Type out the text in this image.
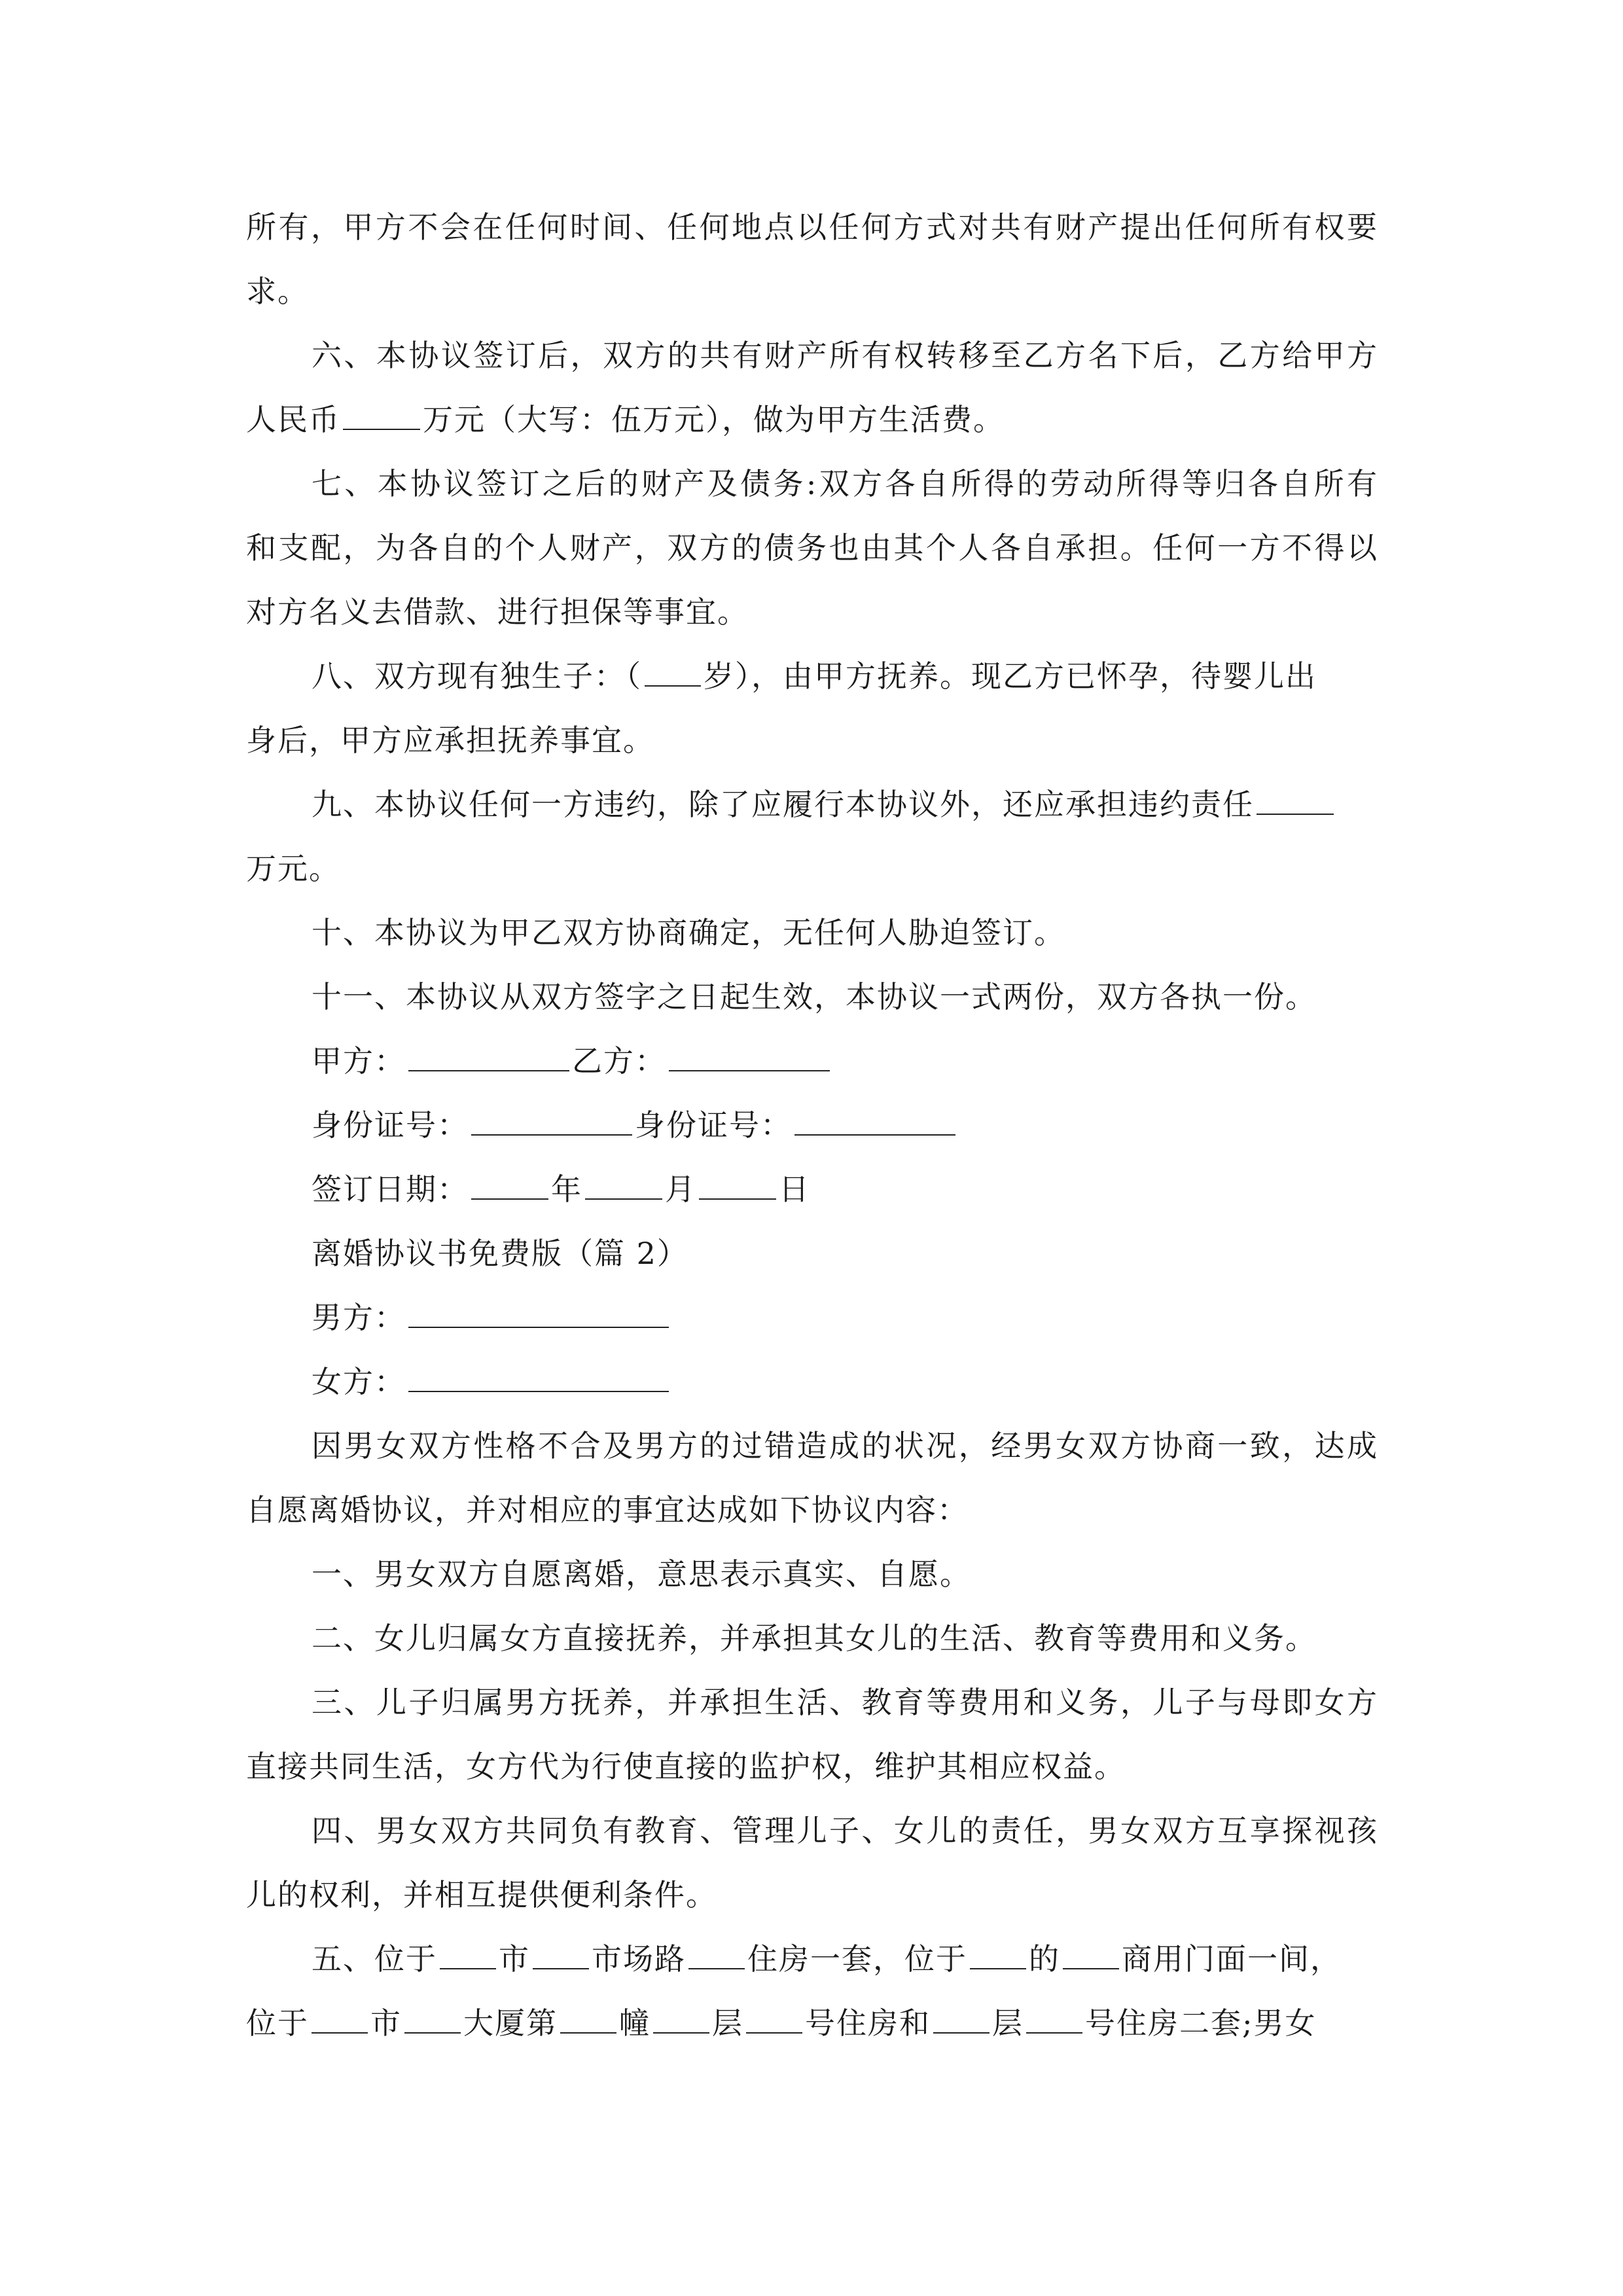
所有，甲方不会在任何时间、任何地点以任何方式对共有财产提出任何所有权要
求。
六、本协议签订后，双方的共有财产所有权转移至乙方名下后，乙方给甲方
人民币	万元（大写：伍万元），做为甲方生活费。
七、本协议签订之后的财产及债务:双方各自所得的劳动所得等归各自所有
和支配，为各自的个人财产，双方的债务也由其个人各自承担。任何一方不得以
对方名义去借款、进行担保等事宜。
八、双方现有独生子：（ 岁），由甲方抚养。现乙方已怀孕，待婴儿出
身后，甲方应承担抚养事宜。
九、本协议任何一方违约，除了应履行本协议外，还应承担违约责任
万元。
十、本协议为甲乙双方协商确定，无任何人胁迫签订。
十一、本协议从双方签字之日起生效，本协议一式两份，双方各执一份。
甲方：	乙方：
身份证号：	身份证号：
签订日期：	年	月	日
离婚协议书免费版（篇 2）
男方：
女方：
因男女双方性格不合及男方的过错造成的状况，经男女双方协商一致，达成
自愿离婚协议，并对相应的事宜达成如下协议内容：
一、男女双方自愿离婚，意思表示真实、自愿。
二、女儿归属女方直接抚养，并承担其女儿的生活、教育等费用和义务。
三、儿子归属男方抚养，并承担生活、教育等费用和义务，儿子与母即女方
直接共同生活，女方代为行使直接的监护权，维护其相应权益。
四、男女双方共同负有教育、管理儿子、女儿的责任，男女双方互享探视孩
儿的权利，并相互提供便利条件。
五、位于 市 市场路 住房一套，位于 的 商用门面一间，
位于 市 大厦第 幢 层 号住房和 层 号住房二套;男女
